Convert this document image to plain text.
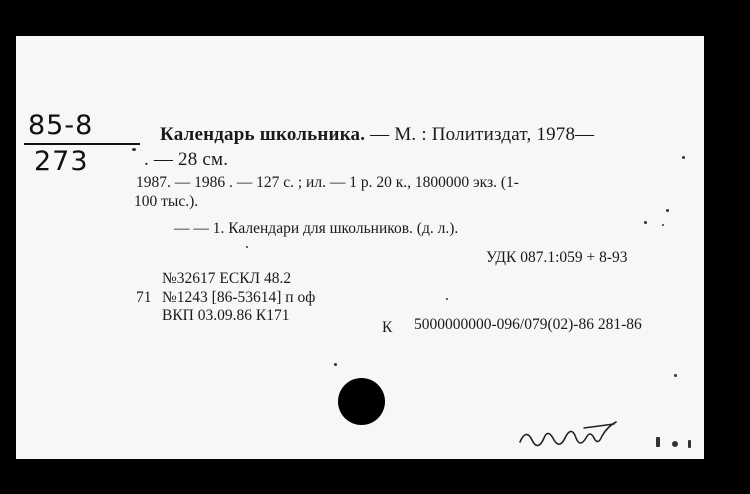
85-8
273
Календарь школьника. — М. : Политиздат, 1978—
. — 28 см.
1987. — 1986 . — 127 с. ; ил. — 1 р. 20 к., 1800000 экз. (1-
100 тыс.).
— — 1. Календари для школьников. (д. л.).
УДК 087.1:059 + 8-93
№32617 ЕСКЛ 48.2
71 №1243 [86-53614] п оф
ВКП 03.09.86 К171
К 5000000000-096/079(02)-86 281-86
